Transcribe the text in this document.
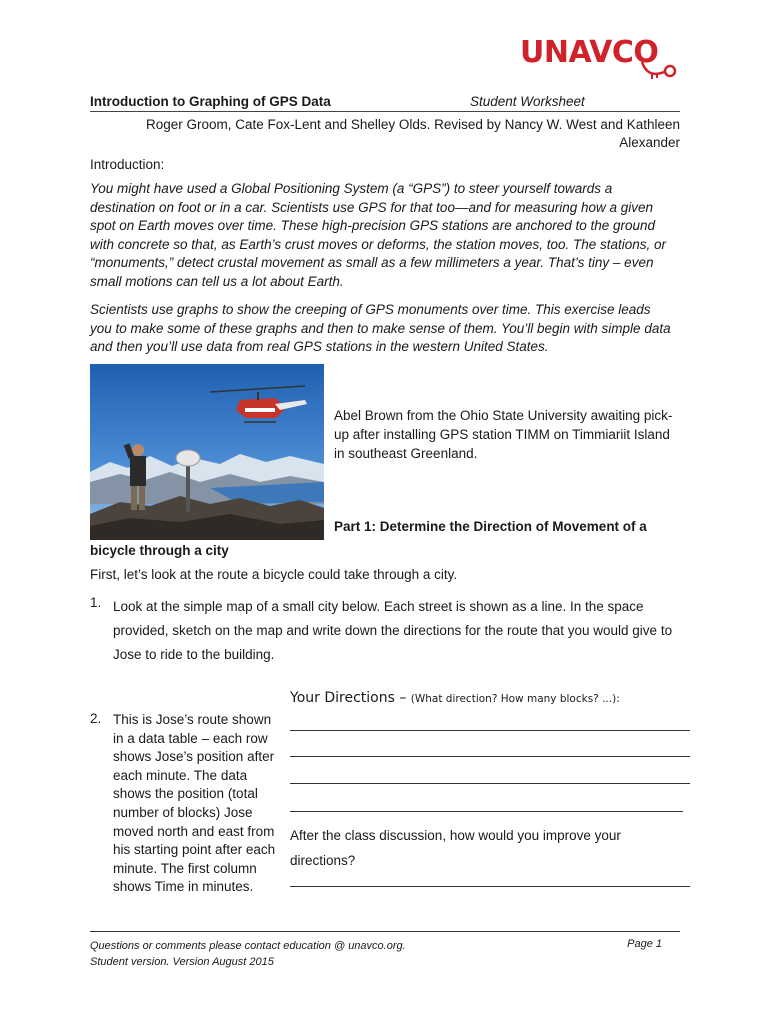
UNAVCO
Introduction to Graphing of GPS Data	Student Worksheet
Roger Groom, Cate Fox-Lent and Shelley Olds. Revised by Nancy W. West and Kathleen
Alexander
Introduction:
You might have used a Global Positioning System (a “GPS”) to steer yourself towards a destination on foot or in a car. Scientists use GPS for that too—and for measuring how a given spot on Earth moves over time. These high-precision GPS stations are anchored to the ground with concrete so that, as Earth’s crust moves or deforms, the station moves, too. The stations, or “monuments,” detect crustal movement as small as a few millimeters a year. That’s tiny – even small motions can tell us a lot about Earth.
Scientists use graphs to show the creeping of GPS monuments over time. This exercise leads you to make some of these graphs and then to make sense of them. You’ll begin with simple data and then you’ll use data from real GPS stations in the western United States.
Abel Brown from the Ohio State University awaiting pick-up after installing GPS station TIMM on Timmiariit Island in southeast Greenland.
Part 1: Determine the Direction of Movement of a
bicycle through a city
First, let’s look at the route a bicycle could take through a city.
1. Look at the simple map of a small city below. Each street is shown as a line. In the space provided, sketch on the map and write down the directions for the route that you would give to Jose to ride to the building.
Your Directions – (What direction? How many blocks? ...):
2. This is Jose’s route shown in a data table – each row shows Jose’s position after each minute. The data shows the position (total number of blocks) Jose moved north and east from his starting point after each minute. The first column shows Time in minutes.
After the class discussion, how would you improve your directions?
Questions or comments please contact education @ unavco.org.
Student version. Version August 2015
Page 1
